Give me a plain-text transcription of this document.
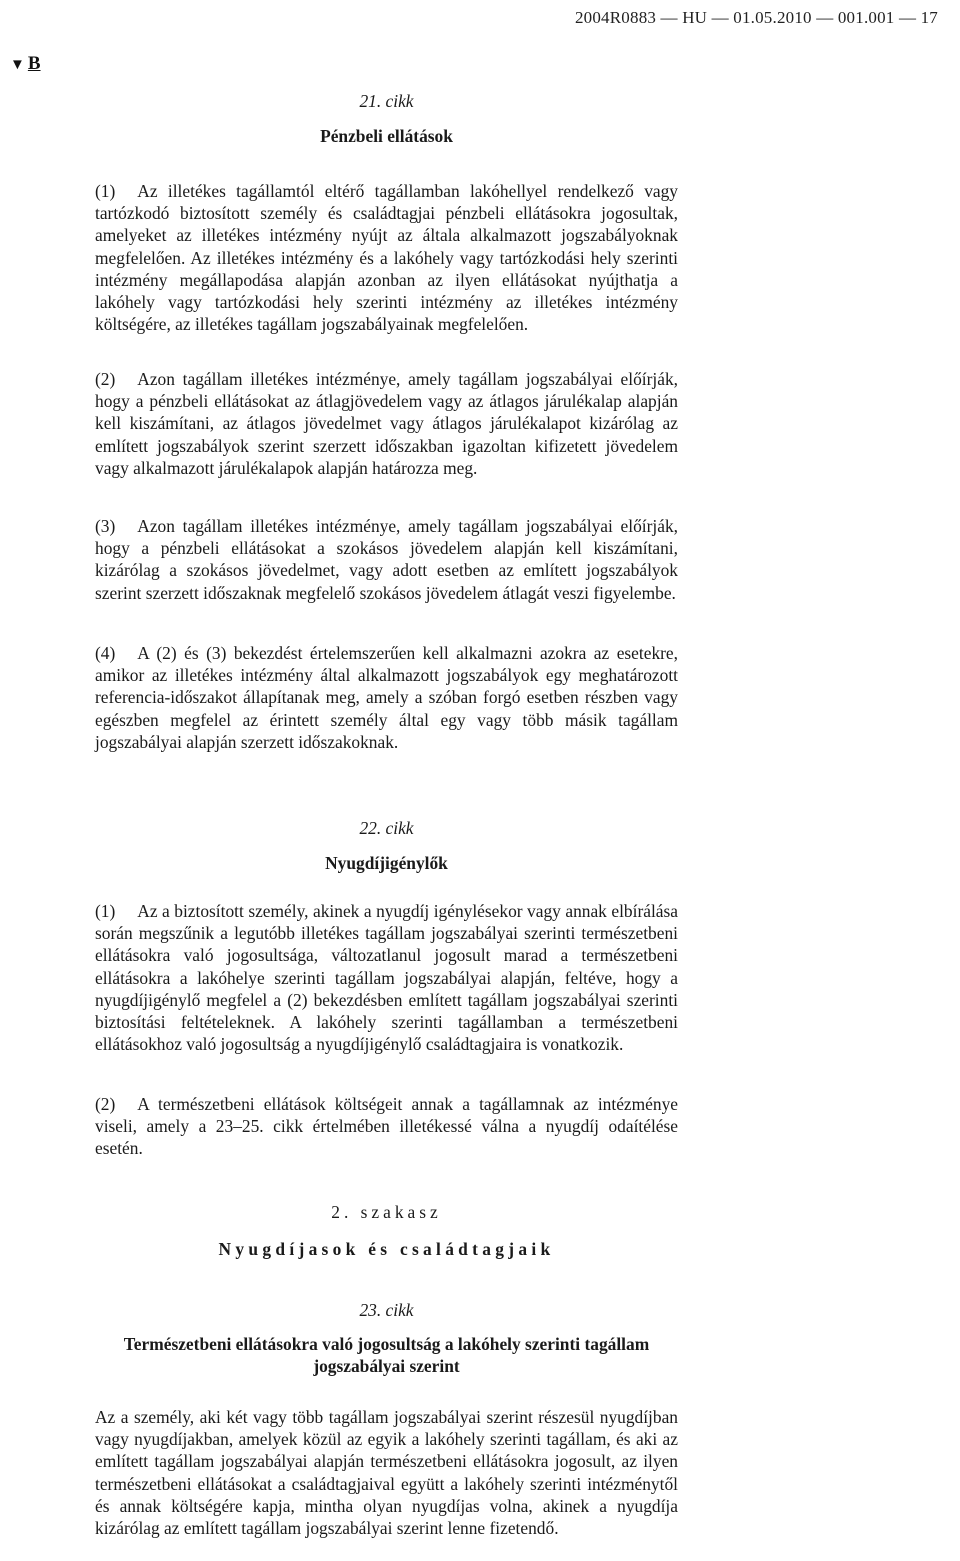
2004R0883 — HU — 01.05.2010 — 001.001 — 17
▼ B
21. cikk
Pénzbeli ellátások

(1) Az illetékes tagállamtól eltérő tagállamban lakóhellyel rendelkező vagy tartózkodó biztosított személy és családtagjai pénzbeli ellátásokra jogosultak, amelyeket az illetékes intézmény nyújt az általa alkalmazott jogszabályoknak megfelelően. Az illetékes intézmény és a lakóhely vagy tartózkodási hely szerinti intézmény megállapodása alapján azonban az ilyen ellátásokat nyújthatja a lakóhely vagy tartózkodási hely szerinti intézmény az illetékes intézmény költségére, az illetékes tagállam jogszabályainak megfelelően.

(2) Azon tagállam illetékes intézménye, amely tagállam jogszabályai előírják, hogy a pénzbeli ellátásokat az átlagjövedelem vagy az átlagos járulékalap alapján kell kiszámítani, az átlagos jövedelmet vagy átlagos járulékalapot kizárólag az említett jogszabályok szerint szerzett időszakban igazoltan kifizetett jövedelem vagy alkalmazott járulékalapok alapján határozza meg.

(3) Azon tagállam illetékes intézménye, amely tagállam jogszabályai előírják, hogy a pénzbeli ellátásokat a szokásos jövedelem alapján kell kiszámítani, kizárólag a szokásos jövedelmet, vagy adott esetben az említett jogszabályok szerint szerzett időszaknak megfelelő szokásos jövedelem átlagát veszi figyelembe.

(4) A (2) és (3) bekezdést értelemszerűen kell alkalmazni azokra az esetekre, amikor az illetékes intézmény által alkalmazott jogszabályok egy meghatározott referencia-időszakot állapítanak meg, amely a szóban forgó esetben részben vagy egészben megfelel az érintett személy által egy vagy több másik tagállam jogszabályai alapján szerzett időszakoknak.

22. cikk
Nyugdíjigénylők

(1) Az a biztosított személy, akinek a nyugdíj igénylésekor vagy annak elbírálása során megszűnik a legutóbb illetékes tagállam jogszabályai szerinti természetbeni ellátásokra való jogosultsága, változatlanul jogosult marad a természetbeni ellátásokra a lakóhelye szerinti tagállam jogszabályai alapján, feltéve, hogy a nyugdíjigénylő megfelel a (2) bekezdésben említett tagállam jogszabályai szerinti biztosítási feltételeknek. A lakóhely szerinti tagállamban a természetbeni ellátásokhoz való jogosultság a nyugdíjigénylő családtagjaira is vonatkozik.

(2) A természetbeni ellátások költségeit annak a tagállamnak az intézménye viseli, amely a 23–25. cikk értelmében illetékessé válna a nyugdíj odaítélése esetén.

2. szakasz
Nyugdíjasok és családtagjaik
23. cikk
Természetbeni ellátásokra való jogosultság a lakóhely szerinti tagállam jogszabályai szerint

Az a személy, aki két vagy több tagállam jogszabályai szerint részesül nyugdíjban vagy nyugdíjakban, amelyek közül az egyik a lakóhely szerinti tagállam, és aki az említett tagállam jogszabályai alapján természetbeni ellátásokra jogosult, az ilyen természetbeni ellátásokat a családtagjaival együtt a lakóhely szerinti intézménytől és annak költségére kapja, mintha olyan nyugdíjas volna, akinek a nyugdíja kizárólag az említett tagállam jogszabályai szerint lenne fizetendő.
